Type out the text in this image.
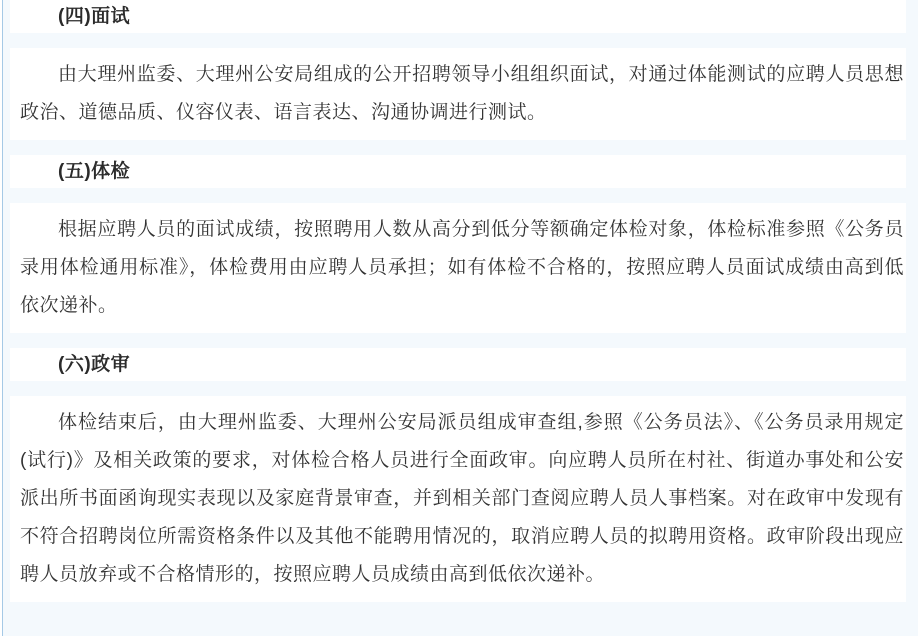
(四)面试
由大理州监委、大理州公安局组成的公开招聘领导小组组织面试，对通过体能测试的应聘人员思想政治、道德品质、仪容仪表、语言表达、沟通协调进行测试。
(五)体检
根据应聘人员的面试成绩，按照聘用人数从高分到低分等额确定体检对象，体检标准参照《公务员录用体检通用标准》，体检费用由应聘人员承担；如有体检不合格的，按照应聘人员面试成绩由高到低依次递补。
(六)政审
体检结束后，由大理州监委、大理州公安局派员组成审查组,参照《公务员法》、《公务员录用规定(试行)》及相关政策的要求，对体检合格人员进行全面政审。向应聘人员所在村社、街道办事处和公安派出所书面函询现实表现以及家庭背景审查，并到相关部门查阅应聘人员人事档案。对在政审中发现有不符合招聘岗位所需资格条件以及其他不能聘用情况的，取消应聘人员的拟聘用资格。政审阶段出现应聘人员放弃或不合格情形的，按照应聘人员成绩由高到低依次递补。
